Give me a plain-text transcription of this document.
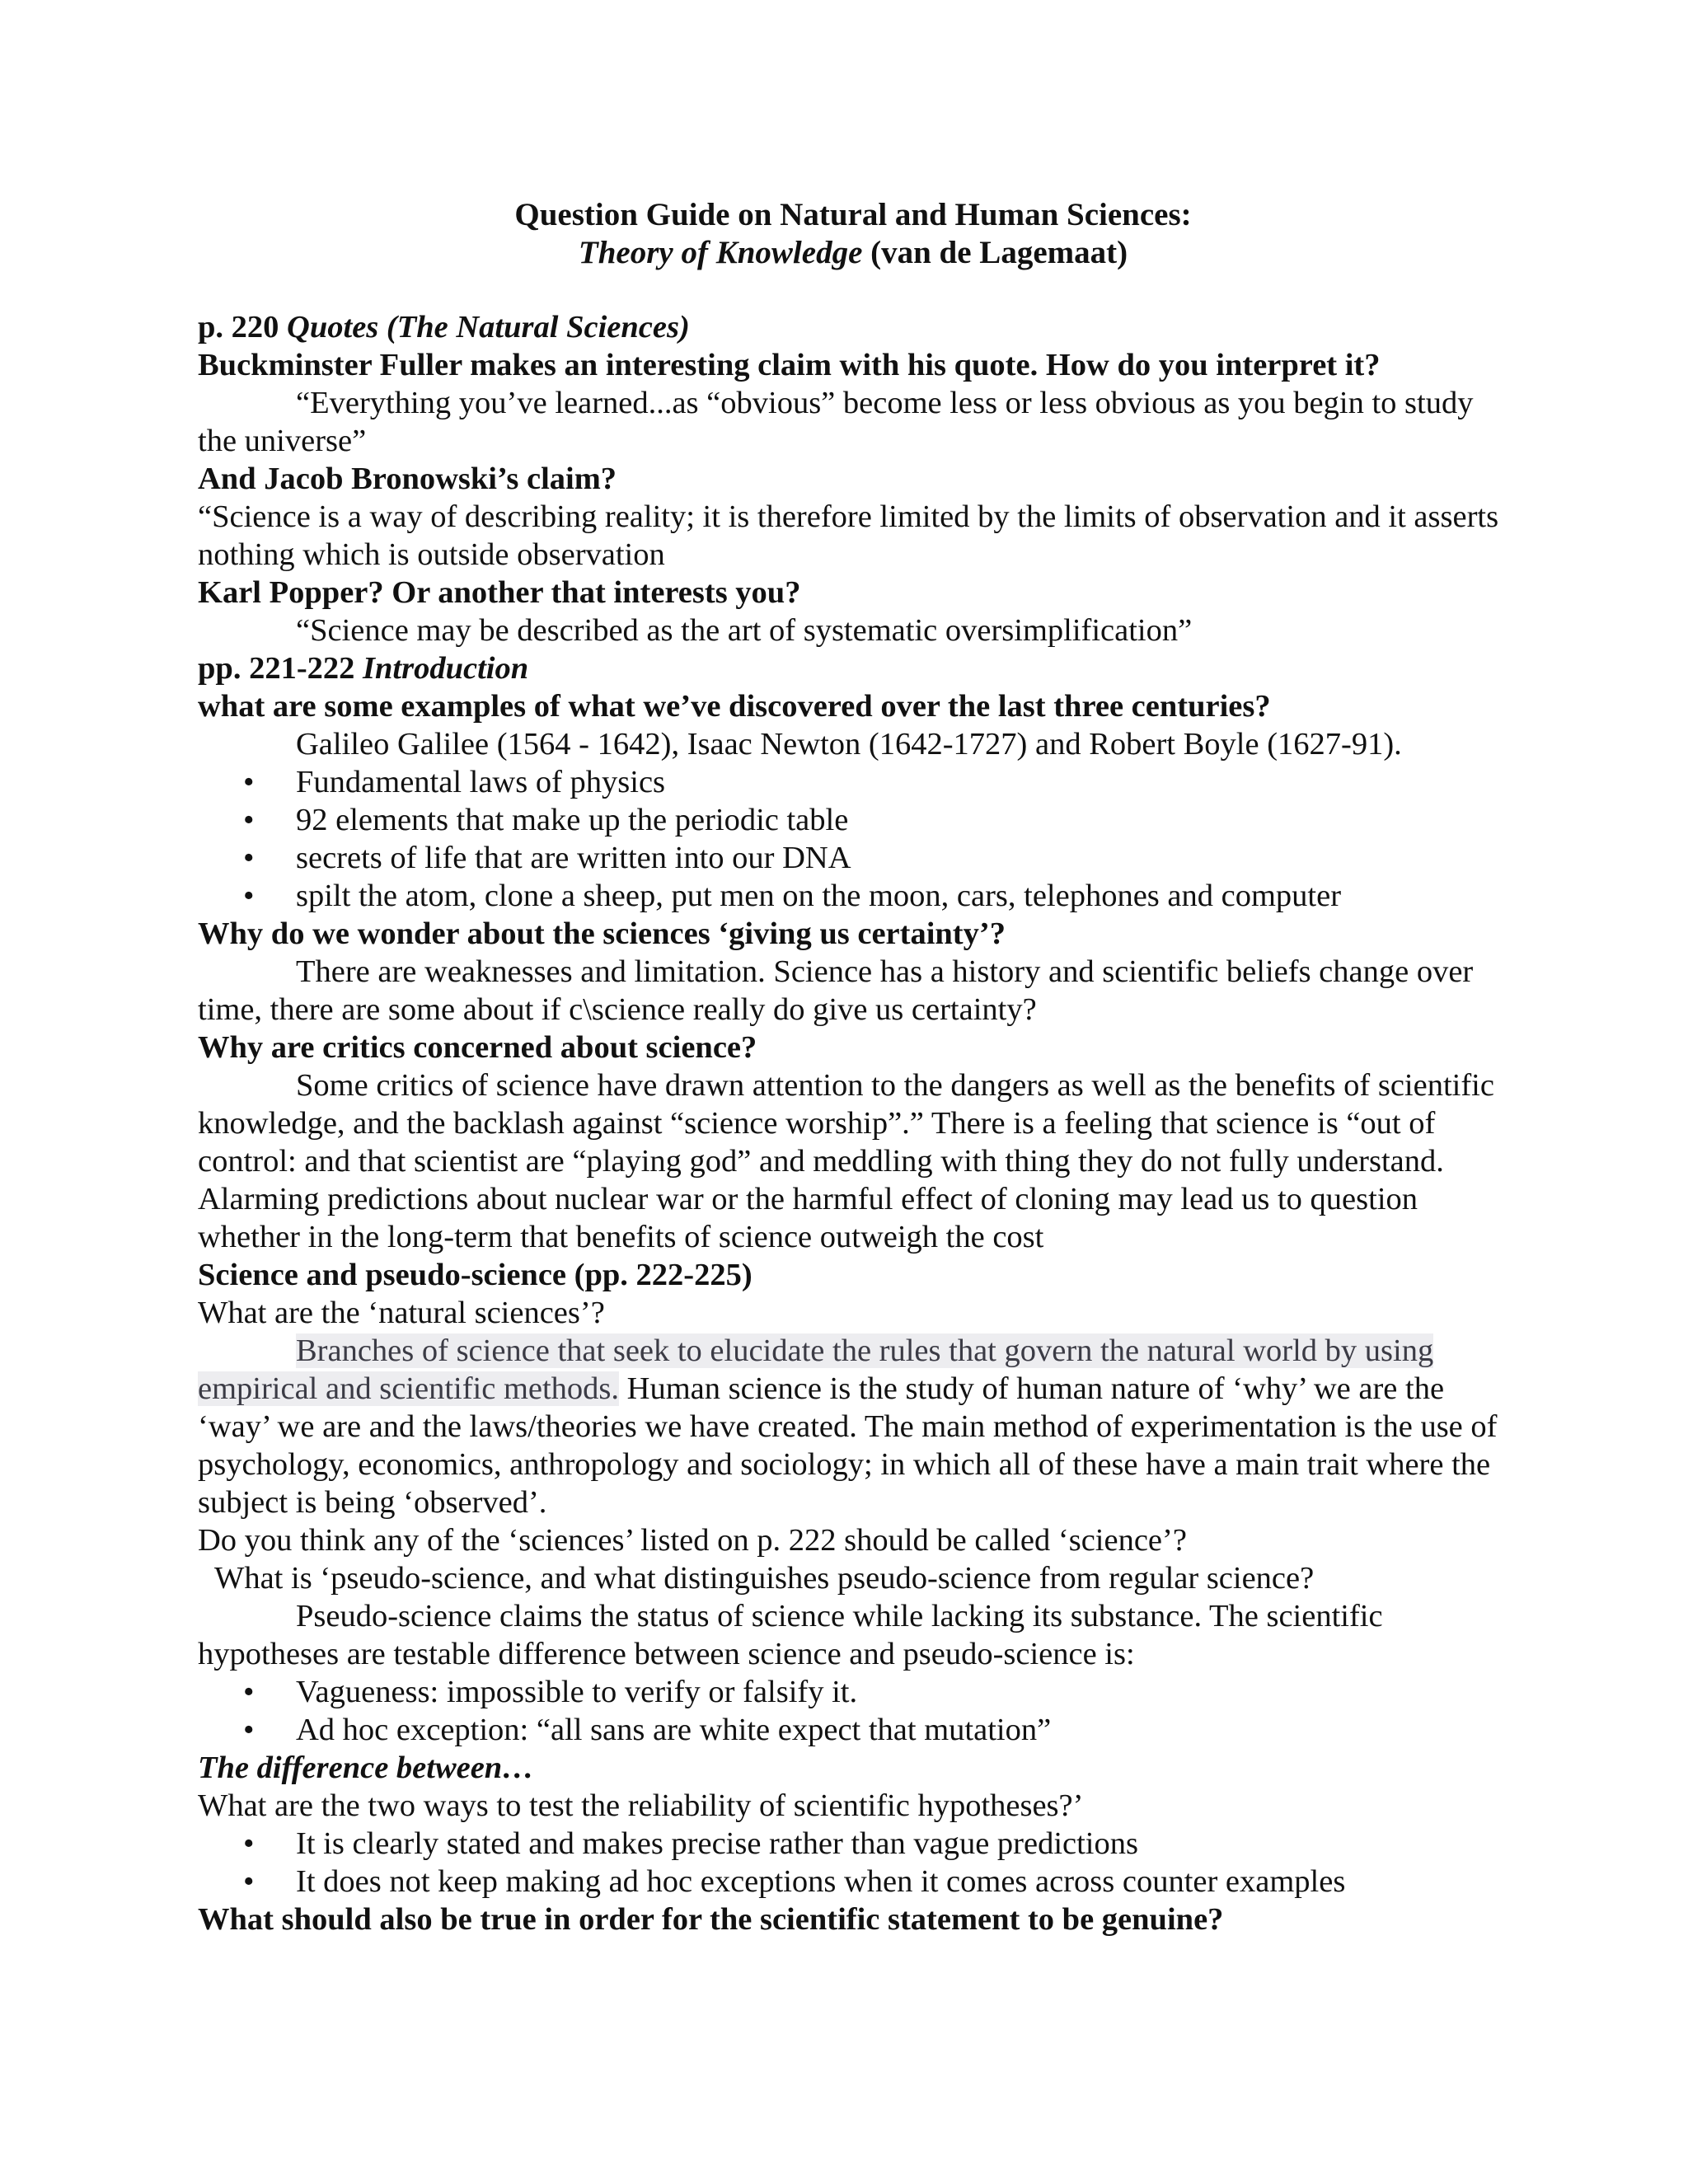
Question Guide on Natural and Human Sciences:
Theory of Knowledge (van de Lagemaat)

p. 220 Quotes (The Natural Sciences)

Buckminster Fuller makes an interesting claim with his quote. How do you interpret it?

“Everything you’ve learned...as “obvious” become less or less obvious as you begin to study the universe”

And Jacob Bronowski’s claim?

“Science is a way of describing reality; it is therefore limited by the limits of observation and it asserts nothing which is outside observation

Karl Popper? Or another that interests you?

“Science may be described as the art of systematic oversimplification”

pp. 221-222 Introduction

what are some examples of what we’ve discovered over the last three centuries?

Galileo Galilee (1564 - 1642), Isaac Newton (1642-1727) and Robert Boyle (1627-91).

• Fundamental laws of physics
• 92 elements that make up the periodic table
• secrets of life that are written into our DNA
• spilt the atom, clone a sheep, put men on the moon, cars, telephones and computer

Why do we wonder about the sciences ‘giving us certainty’?

There are weaknesses and limitation. Science has a history and scientific beliefs change over time, there are some about if c\science really do give us certainty?

Why are critics concerned about science?

Some critics of science have drawn attention to the dangers as well as the benefits of scientific knowledge, and the backlash against “science worship”.” There is a feeling that science is “out of control: and that scientist are “playing god” and meddling with thing they do not fully understand. Alarming predictions about nuclear war or the harmful effect of cloning may lead us to question whether in the long-term that benefits of science outweigh the cost

Science and pseudo-science (pp. 222-225)

What are the ‘natural sciences’?

Branches of science that seek to elucidate the rules that govern the natural world by using empirical and scientific methods. Human science is the study of human nature of ‘why’ we are the ‘way’ we are and the laws/theories we have created. The main method of experimentation is the use of psychology, economics, anthropology and sociology; in which all of these have a main trait where the subject is being ‘observed’.

Do you think any of the ‘sciences’ listed on p. 222 should be called ‘science’?

What is ‘pseudo-science, and what distinguishes pseudo-science from regular science?

Pseudo-science claims the status of science while lacking its substance. The scientific hypotheses are testable difference between science and pseudo-science is:

• Vagueness: impossible to verify or falsify it.
• Ad hoc exception: “all sans are white expect that mutation”

The difference between…

What are the two ways to test the reliability of scientific hypotheses?’

• It is clearly stated and makes precise rather than vague predictions
• It does not keep making ad hoc exceptions when it comes across counter examples

What should also be true in order for the scientific statement to be genuine?
